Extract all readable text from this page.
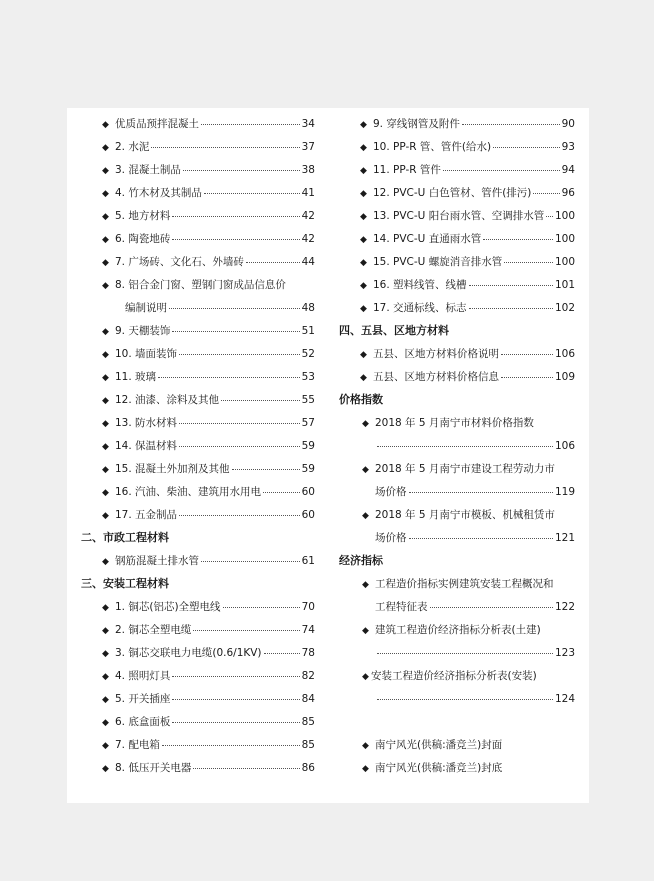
◆ 优质品预拌混凝土	34
◆ 2. 水泥	37
◆ 3. 混凝土制品	38
◆ 4. 竹木材及其制品	41
◆ 5. 地方材料	42
◆ 6. 陶瓷地砖	42
◆ 7. 广场砖、文化石、外墙砖	44
◆ 8. 铝合金门窗、塑钢门窗成品信息价
编制说明	48
◆ 9. 天棚装饰	51
◆ 10. 墙面装饰	52
◆ 11. 玻璃	53
◆ 12. 油漆、涂料及其他	55
◆ 13. 防水材料	57
◆ 14. 保温材料	59
◆ 15. 混凝土外加剂及其他	59
◆ 16. 汽油、柴油、建筑用水用电	60
◆ 17. 五金制品	60
二、市政工程材料
◆ 钢筋混凝土排水管	61
三、安装工程材料
◆ 1. 铜芯(铝芯)全塑电线	70
◆ 2. 铜芯全塑电缆	74
◆ 3. 铜芯交联电力电缆(0.6/1KV)	78
◆ 4. 照明灯具	82
◆ 5. 开关插座	84
◆ 6. 底盒面板	85
◆ 7. 配电箱	85
◆ 8. 低压开关电器	86
◆ 9. 穿线钢管及附件	90
◆ 10. PP-R 管、管件(给水)	93
◆ 11. PP-R 管件	94
◆ 12. PVC-U 白色管材、管件(排污)	96
◆ 13. PVC-U 阳台雨水管、空调排水管 100
◆ 14. PVC-U 直通雨水管	100
◆ 15. PVC-U 螺旋消音排水管	100
◆ 16. 塑料线管、线槽	101
◆ 17. 交通标线、标志	102
四、五县、区地方材料
◆ 五县、区地方材料价格说明	106
◆ 五县、区地方材料价格信息	109
价格指数
◆ 2018 年 5 月南宁市材料价格指数
106
◆ 2018 年 5 月南宁市建设工程劳动力市
场价格	119
◆ 2018 年 5 月南宁市模板、机械租赁市
场价格	121
经济指标
◆ 工程造价指标实例建筑安装工程概况和
工程特征表	122
◆ 建筑工程造价经济指标分析表(土建)
123
◆ 安装工程造价经济指标分析表(安装)
124
◆ 南宁风光(供稿:潘竞兰)封面
◆ 南宁风光(供稿:潘竞兰)封底
